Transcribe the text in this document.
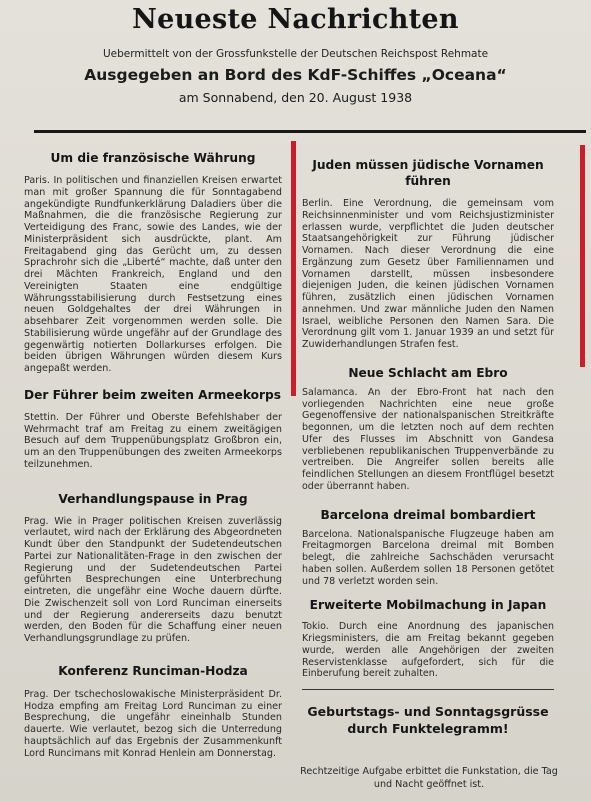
Neueste Nachrichten
Uebermittelt von der Grossfunkstelle der Deutschen Reichspost Rehmate
Ausgegeben an Bord des KdF-Schiffes „Oceana“
am Sonnabend, den 20. August 1938
Um die französische Währung

Paris. In politischen und finanziellen Kreisen erwartet man mit großer Spannung die für Sonntagabend angekündigte Rundfunkerklärung Daladiers über die Maßnahmen, die die französische Regierung zur Verteidigung des Franc, sowie des Landes, wie der Ministerpräsident sich ausdrückte, plant. Am Freitagabend ging das Gerücht um, zu dessen Sprachrohr sich die „Liberté“ machte, daß unter den drei Mächten Frankreich, England und den Vereinigten Staaten eine endgültige Währungsstabilisierung durch Festsetzung eines neuen Goldgehaltes der drei Währungen in absehbarer Zeit vorgenommen werden solle. Die Stabilisierung würde ungefähr auf der Grundlage des gegenwärtig notierten Dollarkurses erfolgen. Die beiden übrigen Währungen würden diesem Kurs angepaßt werden.

Der Führer beim zweiten Armeekorps

Stettin. Der Führer und Oberste Befehlshaber der Wehrmacht traf am Freitag zu einem zweitägigen Besuch auf dem Truppenübungsplatz Großbron ein, um an den Truppenübungen des zweiten Armeekorps teilzunehmen.

Verhandlungspause in Prag

Prag. Wie in Prager politischen Kreisen zuverlässig verlautet, wird nach der Erklärung des Abgeordneten Kundt über den Standpunkt der Sudetendeutschen Partei zur Nationalitäten-Frage in den zwischen der Regierung und der Sudetendeutschen Partei geführten Besprechungen eine Unterbrechung eintreten, die ungefähr eine Woche dauern dürfte. Die Zwischenzeit soll von Lord Runciman einerseits und der Regierung andererseits dazu benutzt werden, den Boden für die Schaffung einer neuen Verhandlungsgrundlage zu prüfen.

Konferenz Runciman-Hodza

Prag. Der tschechoslowakische Ministerpräsident Dr. Hodza empfing am Freitag Lord Runciman zu einer Besprechung, die ungefähr eineinhalb Stunden dauerte. Wie verlautet, bezog sich die Unterredung hauptsächlich auf das Ergebnis der Zusammenkunft Lord Runcimans mit Konrad Henlein am Donnerstag.

Juden müssen jüdische Vornamen führen

Berlin. Eine Verordnung, die gemeinsam vom Reichsinnenminister und vom Reichsjustizminister erlassen wurde, verpflichtet die Juden deutscher Staatsangehörigkeit zur Führung jüdischer Vornamen. Nach dieser Verordnung die eine Ergänzung zum Gesetz über Familiennamen und Vornamen darstellt, müssen insbesondere diejenigen Juden, die keinen jüdischen Vornamen führen, zusätzlich einen jüdischen Vornamen annehmen. Und zwar männliche Juden den Namen Israel, weibliche Personen den Namen Sara. Die Verordnung gilt vom 1. Januar 1939 an und setzt für Zuwiderhandlungen Strafen fest.

Neue Schlacht am Ebro

Salamanca. An der Ebro-Front hat nach den vorliegenden Nachrichten eine neue große Gegenoffensive der nationalspanischen Streitkräfte begonnen, um die letzten noch auf dem rechten Ufer des Flusses im Abschnitt von Gandesa verbliebenen republikanischen Truppenverbände zu vertreiben. Die Angreifer sollen bereits alle feindlichen Stellungen an diesem Frontflügel besetzt oder überrannt haben.

Barcelona dreimal bombardiert

Barcelona. Nationalspanische Flugzeuge haben am Freitagmorgen Barcelona dreimal mit Bomben belegt, die zahlreiche Sachschäden verursacht haben sollen. Außerdem sollen 18 Personen getötet und 78 verletzt worden sein.

Erweiterte Mobilmachung in Japan

Tokio. Durch eine Anordnung des japanischen Kriegsministers, die am Freitag bekannt gegeben wurde, werden alle Angehörigen der zweiten Reservistenklasse aufgefordert, sich für die Einberufung bereit zuhalten.

Geburtstags- und Sonntagsgrüsse durch Funktelegramm!
Rechtzeitige Aufgabe erbittet die Funkstation, die Tag und Nacht geöffnet ist.
